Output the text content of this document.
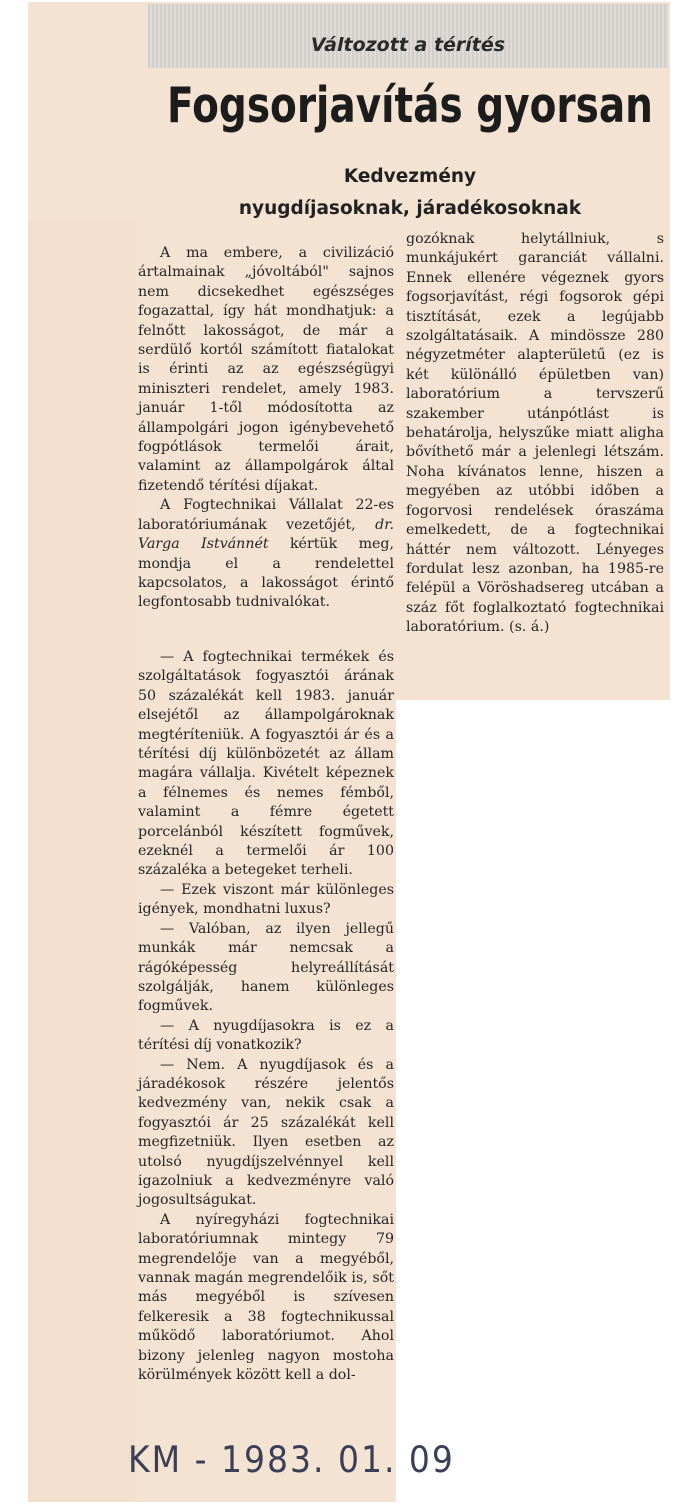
Változott a térítés
Fogsorjavítás gyorsan
Kedvezmény
nyugdíjasoknak, járadékosoknak

A ma embere, a civilizáció ártalmainak „jóvoltából" sajnos nem dicsekedhet egészséges fogazattal, így hát mondhatjuk: a felnőtt lakosságot, de már a serdülő kortól számított fiatalokat is érinti az az egészségügyi miniszteri rendelet, amely 1983. január 1-től módosította az állampolgári jogon igénybevehető fogpótlások termelői árait, valamint az állampolgárok által fizetendő térítési díjakat.

A Fogtechnikai Vállalat 22-es laboratóriumának vezetőjét, dr. Varga Istvánnét kértük meg, mondja el a rendelettel kapcsolatos, a lakosságot érintő legfontosabb tudnivalókat.

gozóknak helytállniuk, s munkájukért garanciát vállalni. Ennek ellenére végeznek gyors fogsorjavítást, régi fogsorok gépi tisztítását, ezek a legújabb szolgáltatásaik. A mindössze 280 négyzetméter alapterületű (ez is két különálló épületben van) laboratórium a tervszerű szakember utánpótlást is behatárolja, helyszűke miatt aligha bővíthető már a jelenlegi létszám. Noha kívánatos lenne, hiszen a megyében az utóbbi időben a fogorvosi rendelések óraszáma emelkedett, de a fogtechnikai háttér nem változott. Lényeges fordulat lesz azonban, ha 1985-re felépül a Vöröshadsereg utcában a száz főt foglalkoztató fogtechnikai laboratórium. (s. á.)

— A fogtechnikai termékek és szolgáltatások fogyasztói árának 50 százalékát kell 1983. január elsejétől az állampolgároknak megtéríteniük. A fogyasztói ár és a térítési díj különbözetét az állam magára vállalja. Kivételt képeznek a félnemes és nemes fémből, valamint a fémre égetett porcelánból készített fogművek, ezeknél a termelői ár 100 százaléka a betegeket terheli.

— Ezek viszont már különleges igények, mondhatni luxus?

— Valóban, az ilyen jellegű munkák már nemcsak a rágóképesség helyreállítását szolgálják, hanem különleges fogművek.

— A nyugdíjasokra is ez a térítési díj vonatkozik?

— Nem. A nyugdíjasok és a járadékosok részére jelentős kedvezmény van, nekik csak a fogyasztói ár 25 százalékát kell megfizetniük. Ilyen esetben az utolsó nyugdíjszelvénnyel kell igazolniuk a kedvezményre való jogosultságukat.

A nyíregyházi fogtechnikai laboratóriumnak mintegy 79 megrendelője van a megyéből, vannak magán megrendelőik is, sőt más megyéből is szívesen felkeresik a 38 fogtechnikussal működő laboratóriumot. Ahol bizony jelenleg nagyon mostoha körülmények között kell a dol-

KM - 1983. 01. 09
